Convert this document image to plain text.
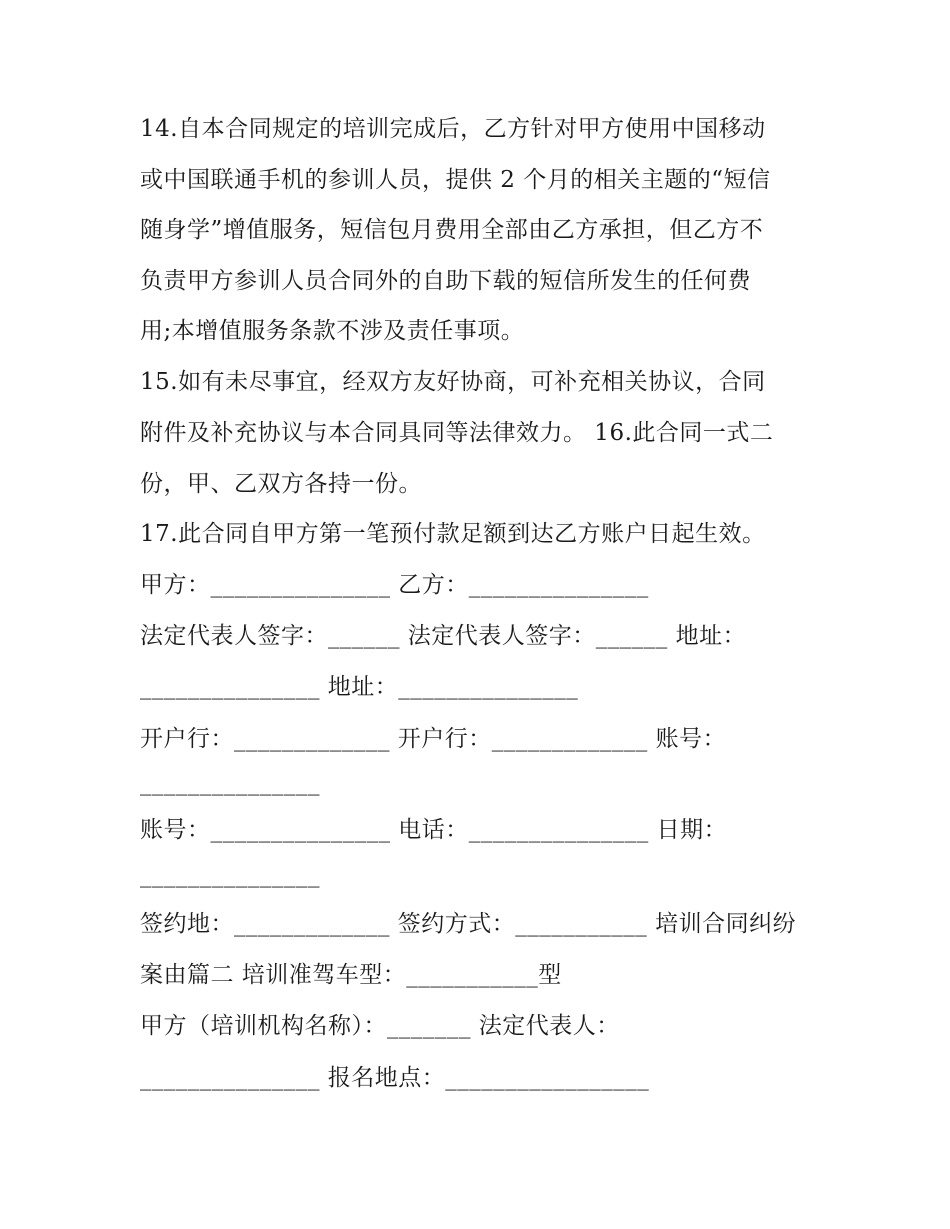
14.自本合同规定的培训完成后，乙方针对甲方使用中国移动
或中国联通手机的参训人员，提供 2 个月的相关主题的“短信
随身学”增值服务，短信包月费用全部由乙方承担，但乙方不
负责甲方参训人员合同外的自助下载的短信所发生的任何费
用;本增值服务条款不涉及责任事项。
15.如有未尽事宜，经双方友好协商，可补充相关协议，合同
附件及补充协议与本合同具同等法律效力。 16.此合同一式二
份，甲、乙双方各持一份。
17.此合同自甲方第一笔预付款足额到达乙方账户日起生效。
甲方：_______________ 乙方：_______________
法定代表人签字：______ 法定代表人签字：______ 地址：
_______________ 地址：_______________
开户行：_____________ 开户行：_____________ 账号：
_______________
账号：_______________ 电话：_______________ 日期：
_______________
签约地：_____________ 签约方式：___________ 培训合同纠纷
案由篇二 培训准驾车型：___________型
甲方（培训机构名称）：_______ 法定代表人：
_______________ 报名地点：_________________
